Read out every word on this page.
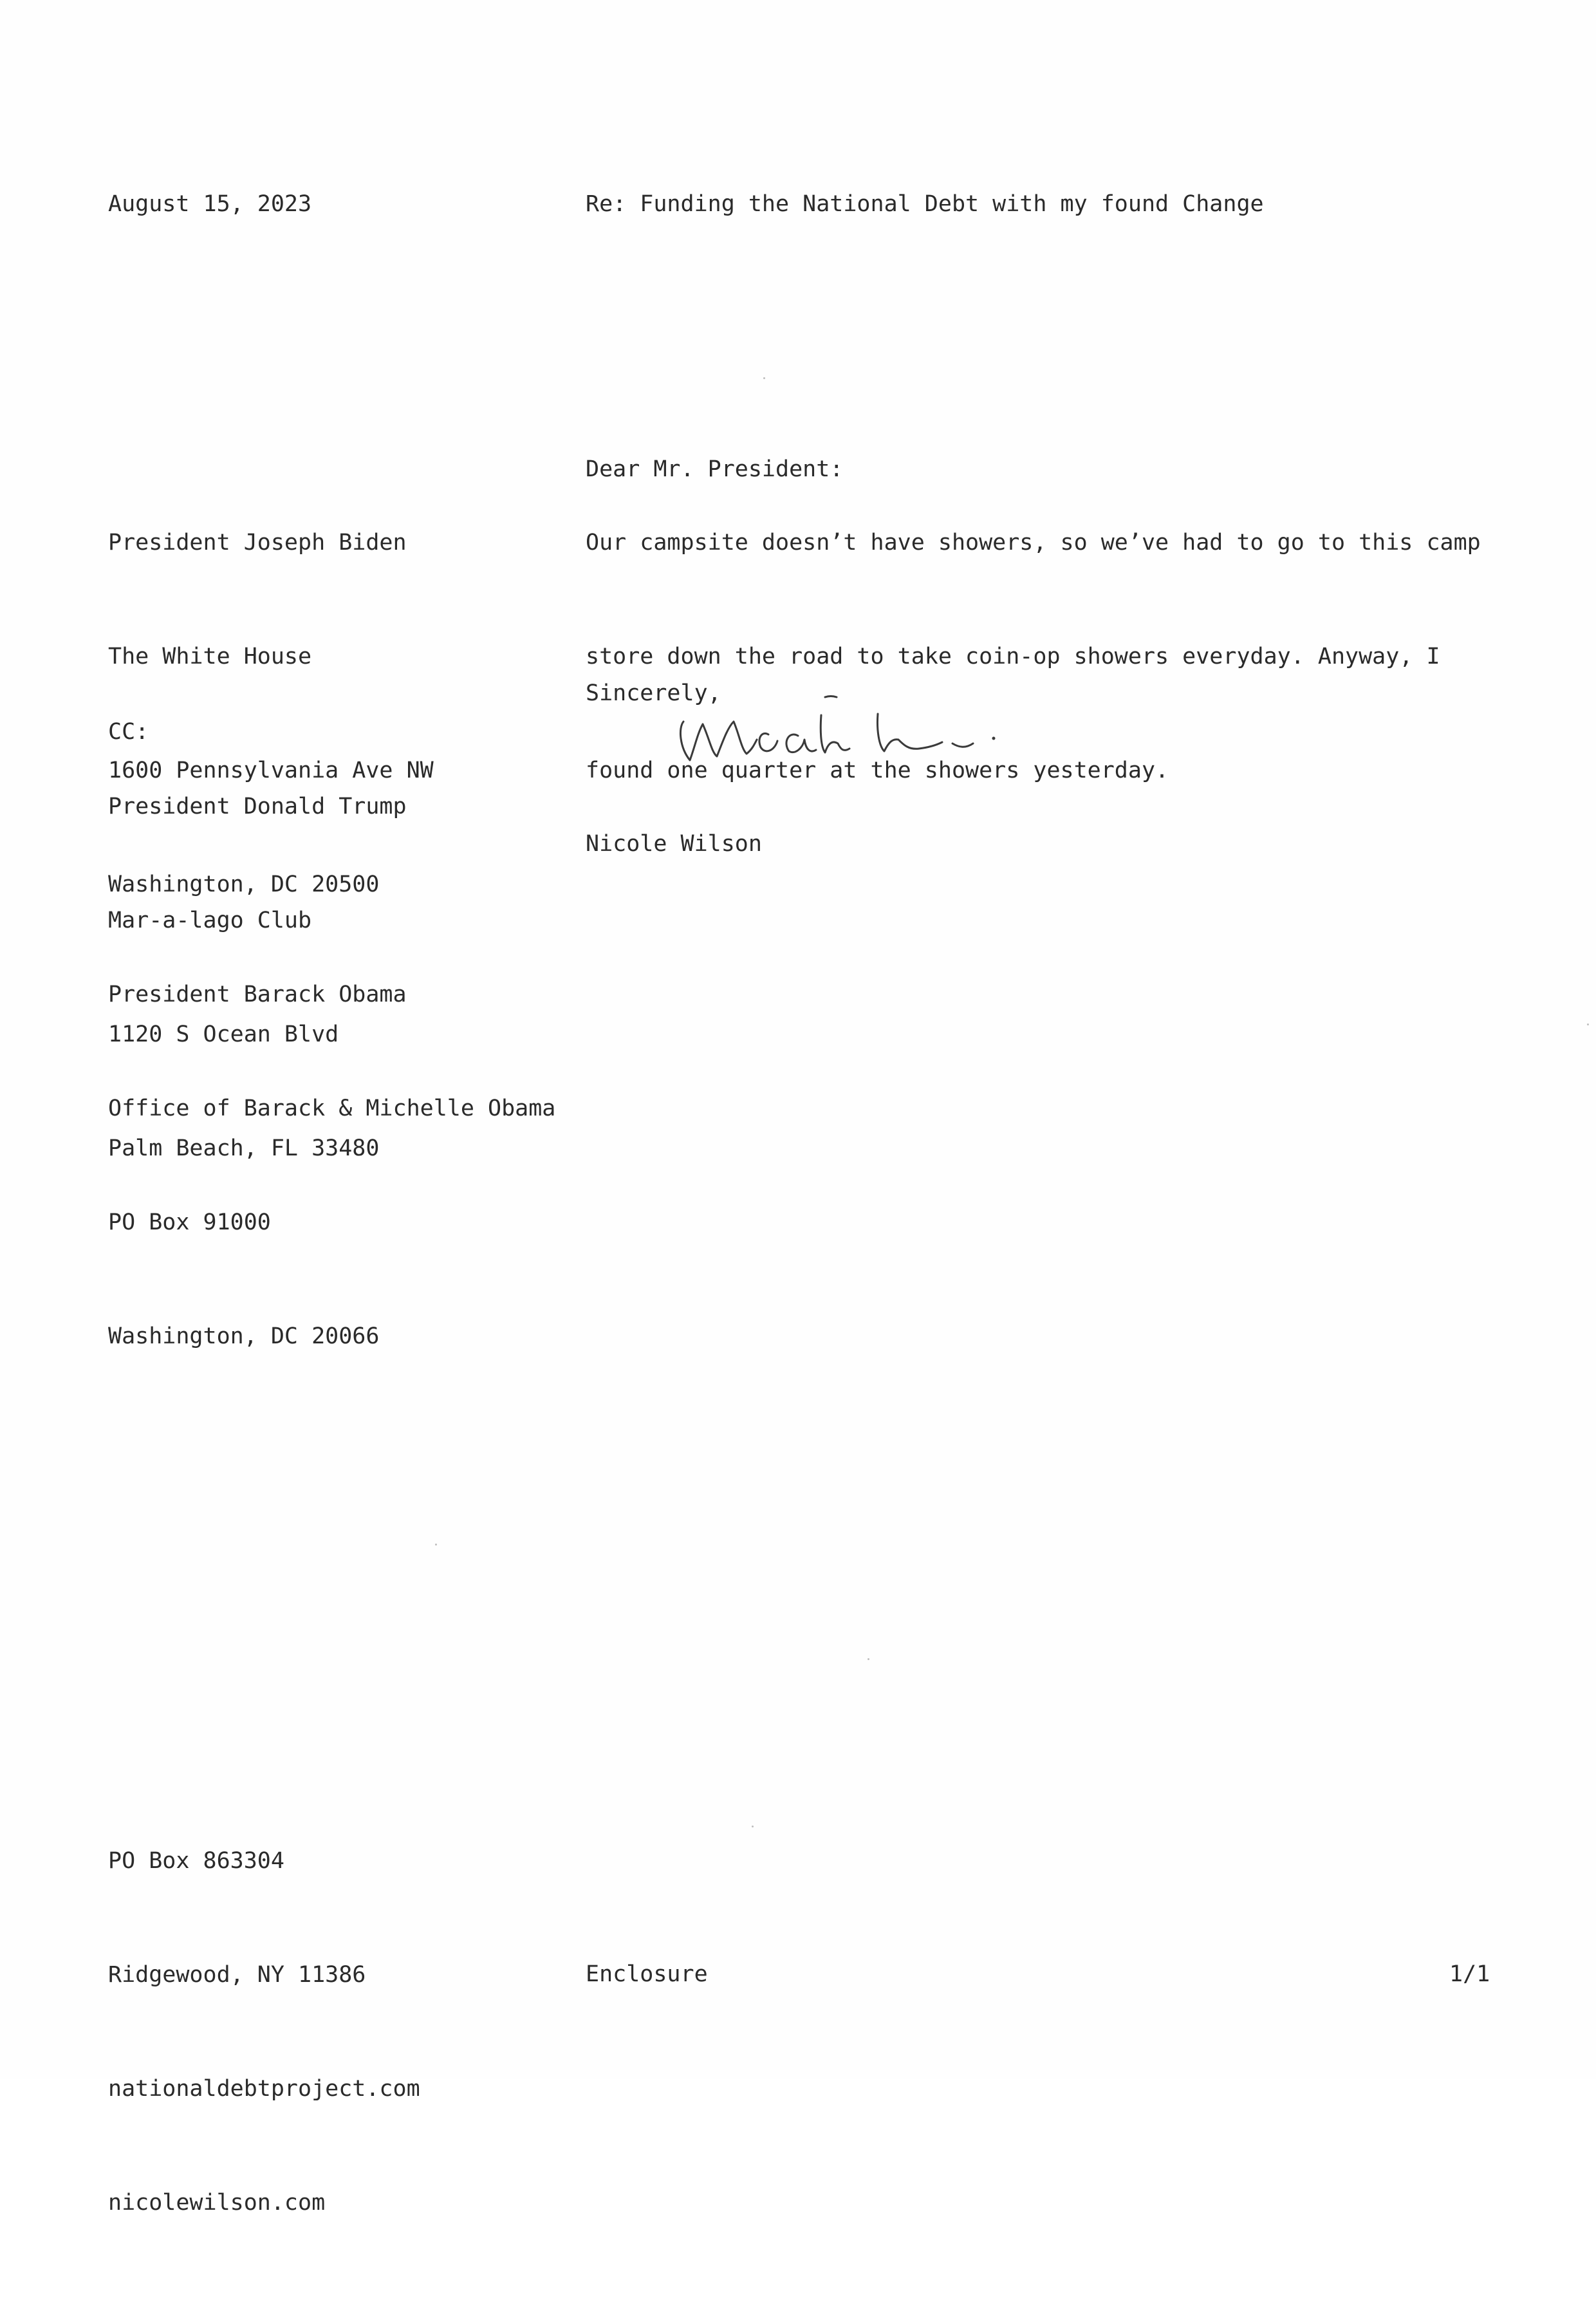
August 15, 2023

	Re: Funding the National Debt with my found Change

Dear Mr. President:

Our campsite doesn’t have showers, so we’ve had to go to this camp

store down the road to take coin-op showers everyday. Anyway, I

found one quarter at the showers yesterday.

Sincerely,

Nicole Wilson

President Joseph Biden

The White House

1600 Pennsylvania Ave NW

Washington, DC 20500

CC:

President Donald Trump

Mar-a-lago Club

1120 S Ocean Blvd

Palm Beach, FL 33480

President Barack Obama

Office of Barack & Michelle Obama

PO Box 91000

Washington, DC 20066

PO Box 863304

Ridgewood, NY 11386

nationaldebtproject.com

nicolewilson.com

Enclosure

	1/1
